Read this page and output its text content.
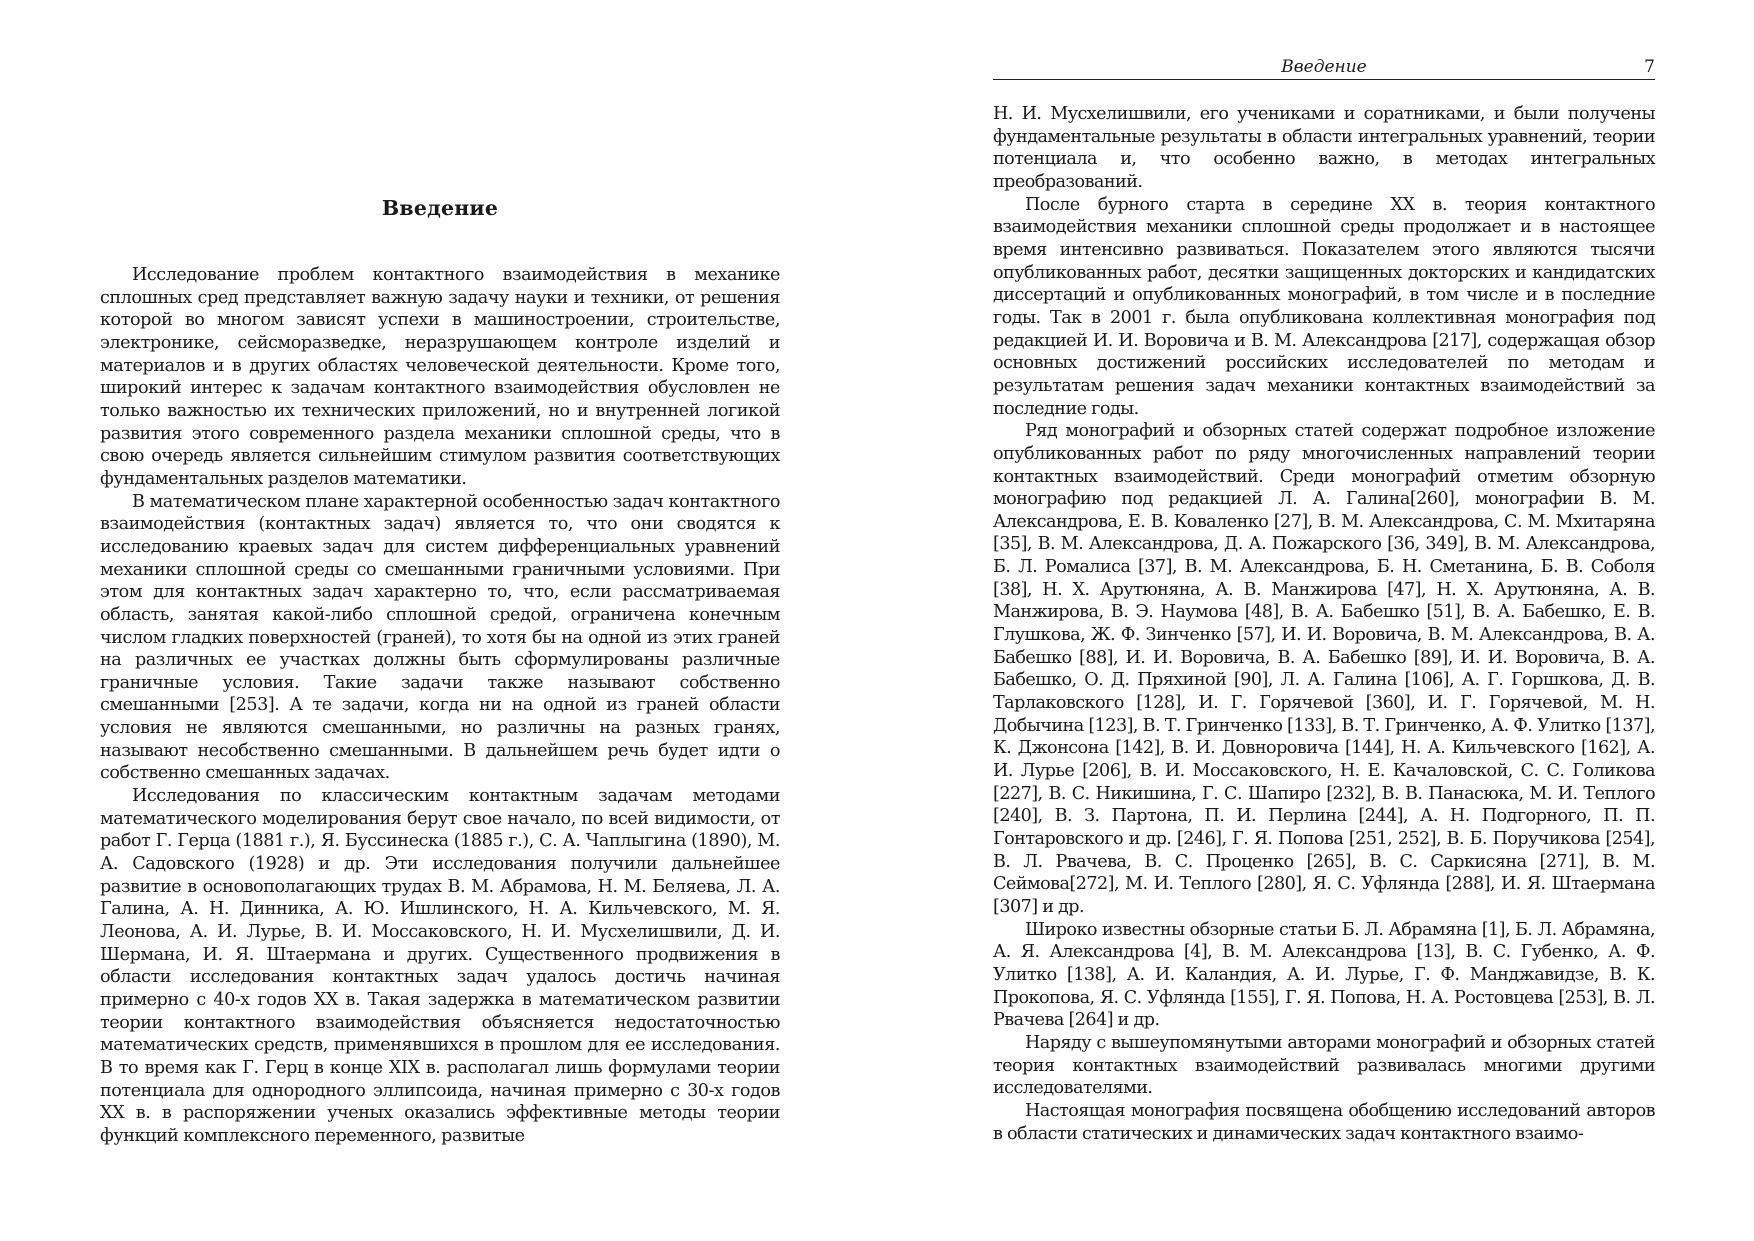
Введение

Исследование проблем контактного взаимодействия в механике сплошных сред представляет важную задачу науки и техники, от решения которой во многом зависят успехи в машиностроении, строительстве, электронике, сейсморазведке, неразрушающем контроле изделий и материалов и в других областях человеческой деятельности. Кроме того, широкий интерес к задачам контактного взаимодействия обусловлен не только важностью их технических приложений, но и внутренней логикой развития этого современного раздела механики сплошной среды, что в свою очередь является сильнейшим стимулом развития соответствующих фундаментальных разделов математики.

В математическом плане характерной особенностью задач контактного взаимодействия (контактных задач) является то, что они сводятся к исследованию краевых задач для систем дифференциальных уравнений механики сплошной среды со смешанными граничными условиями. При этом для контактных задач характерно то, что, если рассматриваемая область, занятая какой-либо сплошной средой, ограничена конечным числом гладких поверхностей (граней), то хотя бы на одной из этих граней на различных ее участках должны быть сформулированы различные граничные условия. Такие задачи также называют собственно смешанными [253]. А те задачи, когда ни на одной из граней области условия не являются смешанными, но различны на разных гранях, называют несобственно смешанными. В дальнейшем речь будет идти о собственно смешанных задачах.

Исследования по классическим контактным задачам методами математического моделирования берут свое начало, по всей видимости, от работ Г. Герца (1881 г.), Я. Буссинеска (1885 г.), С. А. Чаплыгина (1890), М. А. Садовского (1928) и др. Эти исследования получили дальнейшее развитие в основополагающих трудах В. М. Абрамова, Н. М. Беляева, Л. А. Галина, А. Н. Динника, А. Ю. Ишлинского, Н. А. Кильчевского, М. Я. Леонова, А. И. Лурье, В. И. Моссаковского, Н. И. Мусхелишвили, Д. И. Шермана, И. Я. Штаермана и других. Существенного продвижения в области исследования контактных задач удалось достичь начиная примерно с 40-х годов XX в. Такая задержка в математическом развитии теории контактного взаимодействия объясняется недостаточностью математических средств, применявшихся в прошлом для ее исследования. В то время как Г. Герц в конце XIX в. располагал лишь формулами теории потенциала для однородного эллипсоида, начиная примерно с 30-х годов XX в. в распоряжении ученых оказались эффективные методы теории функций комплексного переменного, развитые

Введение	7

Н. И. Мусхелишвили, его учениками и соратниками, и были получены фундаментальные результаты в области интегральных уравнений, теории потенциала и, что особенно важно, в методах интегральных преобразований.

После бурного старта в середине XX в. теория контактного взаимодействия механики сплошной среды продолжает и в настоящее время интенсивно развиваться. Показателем этого являются тысячи опубликованных работ, десятки защищенных докторских и кандидатских диссертаций и опубликованных монографий, в том числе и в последние годы. Так в 2001 г. была опубликована коллективная монография под редакцией И. И. Воровича и В. М. Александрова [217], содержащая обзор основных достижений российских исследователей по методам и результатам решения задач механики контактных взаимодействий за последние годы.

Ряд монографий и обзорных статей содержат подробное изложение опубликованных работ по ряду многочисленных направлений теории контактных взаимодействий. Среди монографий отметим обзорную монографию под редакцией Л. А. Галина[260], монографии В. М. Александрова, Е. В. Коваленко [27], В. М. Александрова, С. М. Мхитаряна [35], В. М. Александрова, Д. А. Пожарского [36, 349], В. М. Александрова, Б. Л. Ромалиса [37], В. М. Александрова, Б. Н. Сметанина, Б. В. Соболя [38], Н. Х. Арутюняна, А. В. Манжирова [47], Н. Х. Арутюняна, А. В. Манжирова, В. Э. Наумова [48], В. А. Бабешко [51], В. А. Бабешко, Е. В. Глушкова, Ж. Ф. Зинченко [57], И. И. Воровича, В. М. Александрова, В. А. Бабешко [88], И. И. Воровича, В. А. Бабешко [89], И. И. Воровича, В. А. Бабешко, О. Д. Пряхиной [90], Л. А. Галина [106], А. Г. Горшкова, Д. В. Тарлаковского [128], И. Г. Горячевой [360], И. Г. Горячевой, М. Н. Добычина [123], В. Т. Гринченко [133], В. Т. Гринченко, А. Ф. Улитко [137], К. Джонсона [142], В. И. Довноровича [144], Н. А. Кильчевского [162], А. И. Лурье [206], В. И. Моссаковского, Н. Е. Качаловской, С. С. Голикова [227], В. С. Никишина, Г. С. Шапиро [232], В. В. Панасюка, М. И. Теплого [240], В. З. Партона, П. И. Перлина [244], А. Н. Подгорного, П. П. Гонтаровского и др. [246], Г. Я. Попова [251, 252], В. Б. Поручикова [254], В. Л. Рвачева, В. С. Проценко [265], В. С. Саркисяна [271], В. М. Сеймова[272], М. И. Теплого [280], Я. С. Уфлянда [288], И. Я. Штаермана [307] и др.

Широко известны обзорные статьи Б. Л. Абрамяна [1], Б. Л. Абрамяна, А. Я. Александрова [4], В. М. Александрова [13], В. С. Губенко, А. Ф. Улитко [138], А. И. Каландия, А. И. Лурье, Г. Ф. Манджавидзе, В. К. Прокопова, Я. С. Уфлянда [155], Г. Я. Попова, Н. А. Ростовцева [253], В. Л. Рвачева [264] и др.

Наряду с вышеупомянутыми авторами монографий и обзорных статей теория контактных взаимодействий развивалась многими другими исследователями.

Настоящая монография посвящена обобщению исследований авторов в области статических и динамических задач контактного взаимо-
